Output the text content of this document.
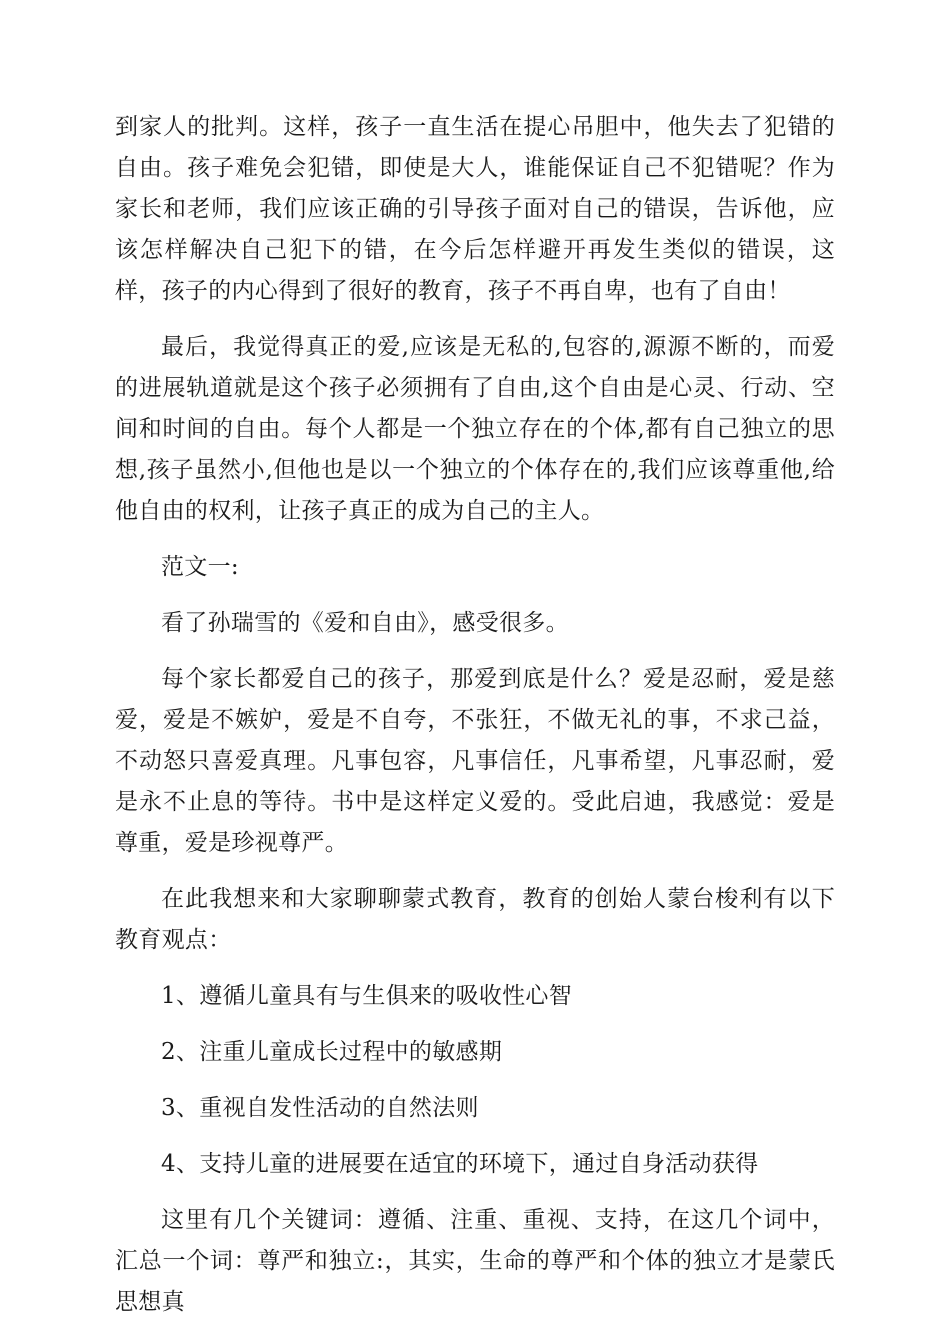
到家人的批判。这样，孩子一直生活在提心吊胆中，他失去了犯错的自由。孩子难免会犯错，即使是大人，谁能保证自己不犯错呢？作为家长和老师，我们应该正确的引导孩子面对自己的错误，告诉他，应该怎样解决自己犯下的错，在今后怎样避开再发生类似的错误，这样，孩子的内心得到了很好的教育，孩子不再自卑，也有了自由！

最后，我觉得真正的爱,应该是无私的,包容的,源源不断的，而爱的进展轨道就是这个孩子必须拥有了自由,这个自由是心灵、行动、空间和时间的自由。每个人都是一个独立存在的个体,都有自己独立的思想,孩子虽然小,但他也是以一个独立的个体存在的,我们应该尊重他,给他自由的权利，让孩子真正的成为自己的主人。

范文一:

看了孙瑞雪的《爱和自由》，感受很多。

每个家长都爱自己的孩子，那爱到底是什么？爱是忍耐，爱是慈爱，爱是不嫉妒，爱是不自夸，不张狂，不做无礼的事，不求己益，不动怒只喜爱真理。凡事包容，凡事信任，凡事希望，凡事忍耐，爱是永不止息的等待。书中是这样定义爱的。受此启迪，我感觉：爱是尊重，爱是珍视尊严。

在此我想来和大家聊聊蒙式教育，教育的创始人蒙台梭利有以下教育观点：

1、遵循儿童具有与生俱来的吸收性心智

2、注重儿童成长过程中的敏感期

3、重视自发性活动的自然法则

4、支持儿童的进展要在适宜的环境下，通过自身活动获得

这里有几个关键词：遵循、注重、重视、支持，在这几个词中，汇总一个词：尊严和独立:，其实，生命的尊严和个体的独立才是蒙氏思想真
